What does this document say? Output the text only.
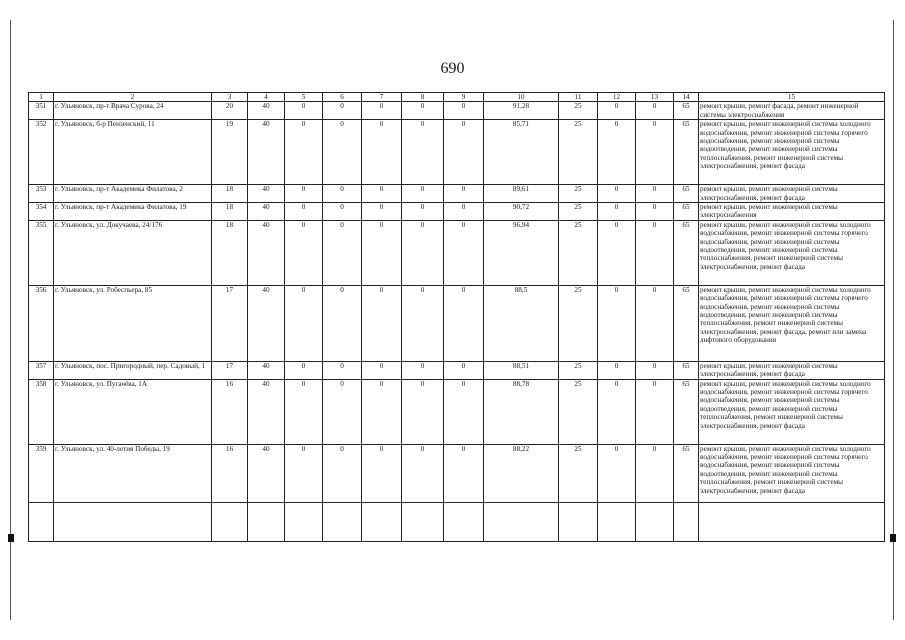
690
1	2	3	4	5	6	7	8	9	10	11	12	13	14	15
351	г. Ульяновск, пр-т Врача Сурова, 24	20	40	0	0	0	0	0	91,28	25	0	0	65	ремонт крыши, ремонт фасада, ремонт инженерной системы электроснабжения
352	г. Ульяновск, б-р Пензенский, 11	19	40	0	0	0	0	0	85,71	25	0	0	65	ремонт крыши, ремонт инженерной системы холодного водоснабжения, ремонт инженерной системы горячего водоснабжения, ремонт инженерной системы водоотведения, ремонт инженерной системы теплоснабжения, ремонт инженерной системы электроснабжения, ремонт фасада
353	г. Ульяновск, пр-т Академика Филатова, 2	18	40	0	0	0	0	0	89,61	25	0	0	65	ремонт крыши, ремонт инженерной системы электроснабжения, ремонт фасада
354	г. Ульяновск, пр-т Академика Филатова, 19	18	40	0	0	0	0	0	90,72	25	0	0	65	ремонт крыши, ремонт инженерной системы электроснабжения
355	г. Ульяновск, ул. Докучаева, 24/176	18	40	0	0	0	0	0	96,94	25	0	0	65	ремонт крыши, ремонт инженерной системы холодного водоснабжения, ремонт инженерной системы горячего водоснабжения, ремонт инженерной системы водоотведения, ремонт инженерной системы теплоснабжения, ремонт инженерной системы электроснабжения, ремонт фасада
356	г. Ульяновск, ул. Робеспьера, 85	17	40	0	0	0	0	0	88,5	25	0	0	65	ремонт крыши, ремонт инженерной системы холодного водоснабжения, ремонт инженерной системы горячего водоснабжения, ремонт инженерной системы водоотведения, ремонт инженерной системы теплоснабжения, ремонт инженерной системы электроснабжения, ремонт фасада, ремонт или замена лифтового оборудования
357	г. Ульяновск, пос. Пригородный, пер. Садовый, 1	17	40	0	0	0	0	0	88,51	25	0	0	65	ремонт крыши, ремонт инженерной системы электроснабжения, ремонт фасада
358	г. Ульяновск, ул. Пугачёва, 1А	16	40	0	0	0	0	0	88,78	25	0	0	65	ремонт крыши, ремонт инженерной системы холодного водоснабжения, ремонт инженерной системы горячего водоснабжения, ремонт инженерной системы водоотведения, ремонт инженерной системы теплоснабжения, ремонт инженерной системы электроснабжения, ремонт фасада
359	г. Ульяновск, ул. 40-летия Победы, 19	16	40	0	0	0	0	0	88,22	25	0	0	65	ремонт крыши, ремонт инженерной системы холодного водоснабжения, ремонт инженерной системы горячего водоснабжения, ремонт инженерной системы водоотведения, ремонт инженерной системы теплоснабжения, ремонт инженерной системы электроснабжения, ремонт фасада
